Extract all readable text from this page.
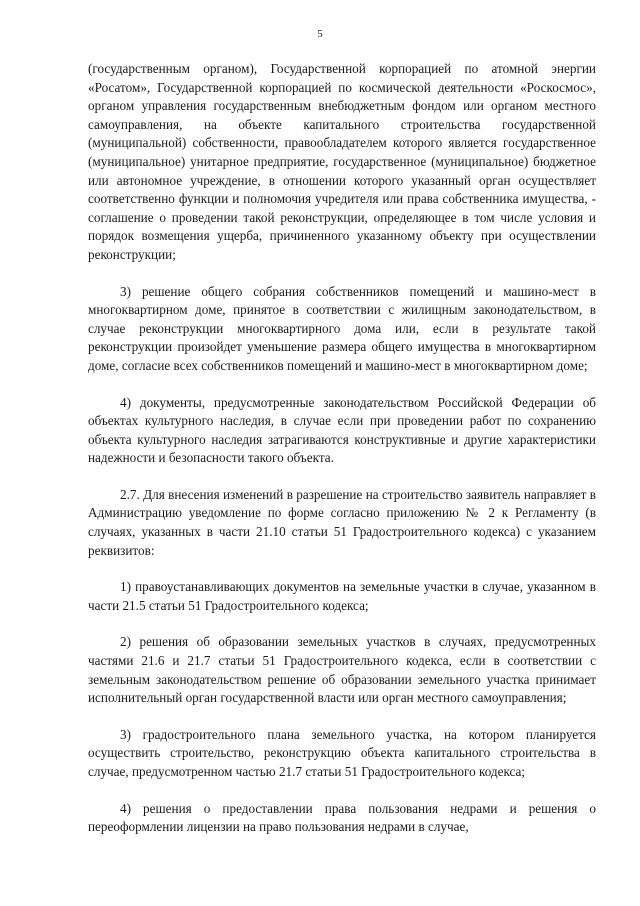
5

(государственным органом), Государственной корпорацией по атомной энергии «Росатом», Государственной корпорацией по космической деятельности «Роскосмос», органом управления государственным внебюджетным фондом или органом местного самоуправления, на объекте капитального строительства государственной (муниципальной) собственности, правообладателем которого является государственное (муниципальное) унитарное предприятие, государственное (муниципальное) бюджетное или автономное учреждение, в отношении которого указанный орган осуществляет соответственно функции и полномочия учредителя или права собственника имущества, - соглашение о проведении такой реконструкции, определяющее в том числе условия и порядок возмещения ущерба, причиненного указанному объекту при осуществлении реконструкции;

3) решение общего собрания собственников помещений и машино-мест в многоквартирном доме, принятое в соответствии с жилищным законодательством, в случае реконструкции многоквартирного дома или, если в результате такой реконструкции произойдет уменьшение размера общего имущества в многоквартирном доме, согласие всех собственников помещений и машино-мест в многоквартирном доме;

4) документы, предусмотренные законодательством Российской Федерации об объектах культурного наследия, в случае если при проведении работ по сохранению объекта культурного наследия затрагиваются конструктивные и другие характеристики надежности и безопасности такого объекта.

2.7. Для внесения изменений в разрешение на строительство заявитель направляет в Администрацию уведомление по форме согласно приложению № 2 к Регламенту (в случаях, указанных в части 21.10 статьи 51 Градостроительного кодекса) с указанием реквизитов:

1) правоустанавливающих документов на земельные участки в случае, указанном в части 21.5 статьи 51 Градостроительного кодекса;

2) решения об образовании земельных участков в случаях, предусмотренных частями 21.6 и 21.7 статьи 51 Градостроительного кодекса, если в соответствии с земельным законодательством решение об образовании земельного участка принимает исполнительный орган государственной власти или орган местного самоуправления;

3) градостроительного плана земельного участка, на котором планируется осуществить строительство, реконструкцию объекта капитального строительства в случае, предусмотренном частью 21.7 статьи 51 Градостроительного кодекса;

4) решения о предоставлении права пользования недрами и решения о переоформлении лицензии на право пользования недрами в случае,
